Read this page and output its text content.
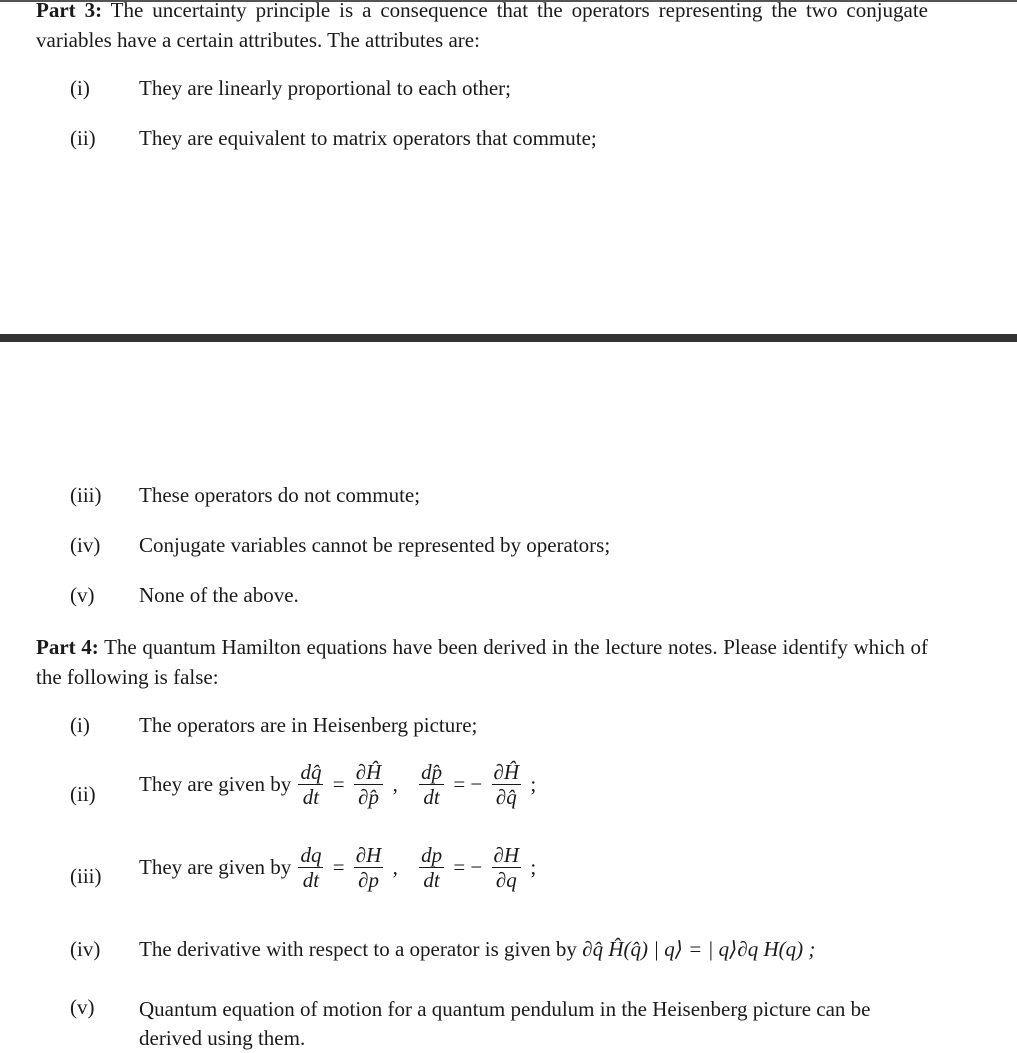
Part 3: The uncertainty principle is a consequence that the operators representing the two conjugate variables have a certain attributes. The attributes are:
(i) They are linearly proportional to each other;
(ii) They are equivalent to matrix operators that commute;
(iii) These operators do not commute;
(iv) Conjugate variables cannot be represented by operators;
(v) None of the above.
Part 4: The quantum Hamilton equations have been derived in the lecture notes. Please identify which of the following is false:
(i) The operators are in Heisenberg picture;
(ii) They are given by $\frac{dq̂}{dt} = \frac{\partial Ĥ}{\partial p̂}$ , $\frac{dp̂}{dt}$ = − $\frac{\partial Ĥ}{\partial q̂}$ ;
(iii) They are given by $\frac{dq}{dt} = \frac{\partial H}{\partial p}$ , $\frac{dp}{dt}$ = − $\frac{\partial H}{\partial q}$ ;
(iv) The derivative with respect to a operator is given by ∂q̂ Ĥ(q̂) | q⟩ = | q⟩∂q H(q) ;
(v) Quantum equation of motion for a quantum pendulum in the Heisenberg picture can be derived using them.
